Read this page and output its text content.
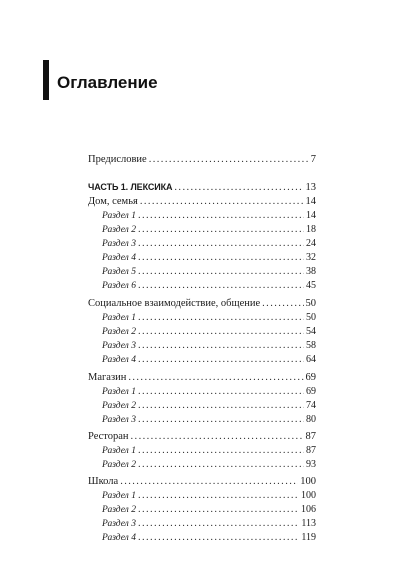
Оглавление
Предисловие .....	7
ЧАСТЬ 1. ЛЕКСИКА .....	13
Дом, семья .....	14
Раздел 1 .....	14
Раздел 2 .....	18
Раздел 3 .....	24
Раздел 4 .....	32
Раздел 5 .....	38
Раздел 6 .....	45
Социальное взаимодействие, общение .....	50
Раздел 1 .....	50
Раздел 2 .....	54
Раздел 3 .....	58
Раздел 4 .....	64
Магазин .....	69
Раздел 1 .....	69
Раздел 2 .....	74
Раздел 3 .....	80
Ресторан .....	87
Раздел 1 .....	87
Раздел 2 .....	93
Школа .....	100
Раздел 1 .....	100
Раздел 2 .....	106
Раздел 3 .....	113
Раздел 4 .....	119
